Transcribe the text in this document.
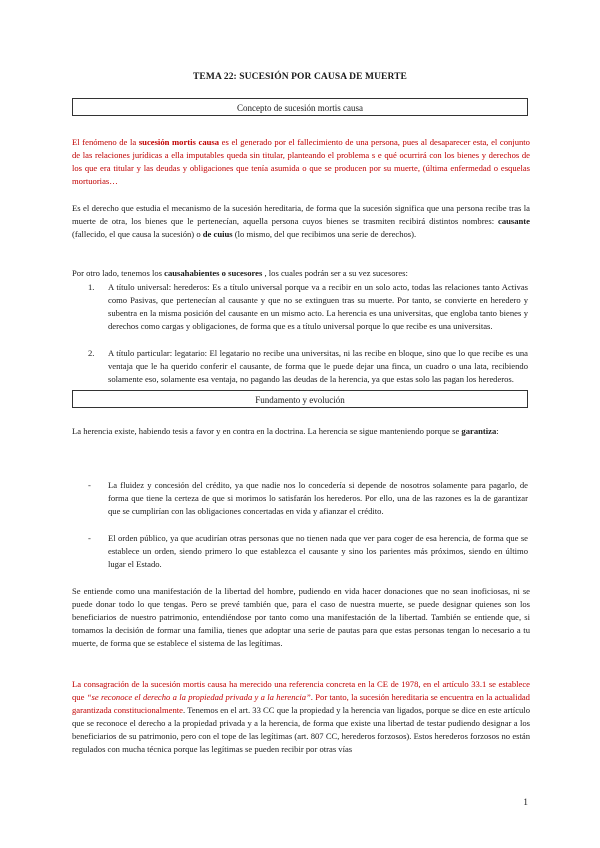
TEMA 22: SUCESIÓN POR CAUSA DE MUERTE
Concepto de sucesión mortis causa
El fenómeno de la sucesión mortis causa es el generado por el fallecimiento de una persona, pues al desaparecer esta, el conjunto de las relaciones jurídicas a ella imputables queda sin titular, planteando el problema s e qué ocurrirá con los bienes y derechos de los que era titular y las deudas y obligaciones que tenía asumida o que se producen por su muerte, (última enfermedad o esquelas mortuorias…
Es el derecho que estudia el mecanismo de la sucesión hereditaria, de forma que la sucesión significa que una persona recibe tras la muerte de otra, los bienes que le pertenecían, aquella persona cuyos bienes se trasmiten recibirá distintos nombres: causante (fallecido, el que causa la sucesión) o de cuius (lo mismo, del que recibimos una serie de derechos).
Por otro lado, tenemos los causahabientes o sucesores , los cuales podrán ser a su vez sucesores:
1. A título universal: herederos: Es a título universal porque va a recibir en un solo acto, todas las relaciones tanto Activas como Pasivas, que pertenecían al causante y que no se extinguen tras su muerte. Por tanto, se convierte en heredero y subentra en la misma posición del causante en un mismo acto. La herencia es una universitas, que engloba tanto bienes y derechos como cargas y obligaciones, de forma que es a título universal porque lo que recibe es una universitas.
2. A título particular: legatario: El legatario no recibe una universitas, ni las recibe en bloque, sino que lo que recibe es una ventaja que le ha querido conferir el causante, de forma que le puede dejar una finca, un cuadro o una lata, recibiendo solamente eso, solamente esa ventaja, no pagando las deudas de la herencia, ya que estas solo las pagan los herederos.
Fundamento y evolución
La herencia existe, habiendo tesis a favor y en contra en la doctrina. La herencia se sigue manteniendo porque se garantiza:
- La fluidez y concesión del crédito, ya que nadie nos lo concedería si depende de nosotros solamente para pagarlo, de forma que tiene la certeza de que si morimos lo satisfarán los herederos. Por ello, una de las razones es la de garantizar que se cumplirían con las obligaciones concertadas en vida y afianzar el crédito.
- El orden público, ya que acudirían otras personas que no tienen nada que ver para coger de esa herencia, de forma que se establece un orden, siendo primero lo que establezca el causante y sino los parientes más próximos, siendo en último lugar el Estado.
Se entiende como una manifestación de la libertad del hombre, pudiendo en vida hacer donaciones que no sean inoficiosas, ni se puede donar todo lo que tengas. Pero se prevé también que, para el caso de nuestra muerte, se puede designar quienes son los beneficiarios de nuestro patrimonio, entendiéndose por tanto como una manifestación de la libertad. También se entiende que, si tomamos la decisión de formar una familia, tienes que adoptar una serie de pautas para que estas personas tengan lo necesario a tu muerte, de forma que se establece el sistema de las legítimas.
La consagración de la sucesión mortis causa ha merecido una referencia concreta en la CE de 1978, en el artículo 33.1 se establece que “se reconoce el derecho a la propiedad privada y a la herencia”. Por tanto, la sucesión hereditaria se encuentra en la actualidad garantizada constitucionalmente. Tenemos en el art. 33 CC que la propiedad y la herencia van ligados, porque se dice en este artículo que se reconoce el derecho a la propiedad privada y a la herencia, de forma que existe una libertad de testar pudiendo designar a los beneficiarios de su patrimonio, pero con el tope de las legítimas (art. 807 CC, herederos forzosos). Estos herederos forzosos no están regulados con mucha técnica porque las legítimas se pueden recibir por otras vías
1
